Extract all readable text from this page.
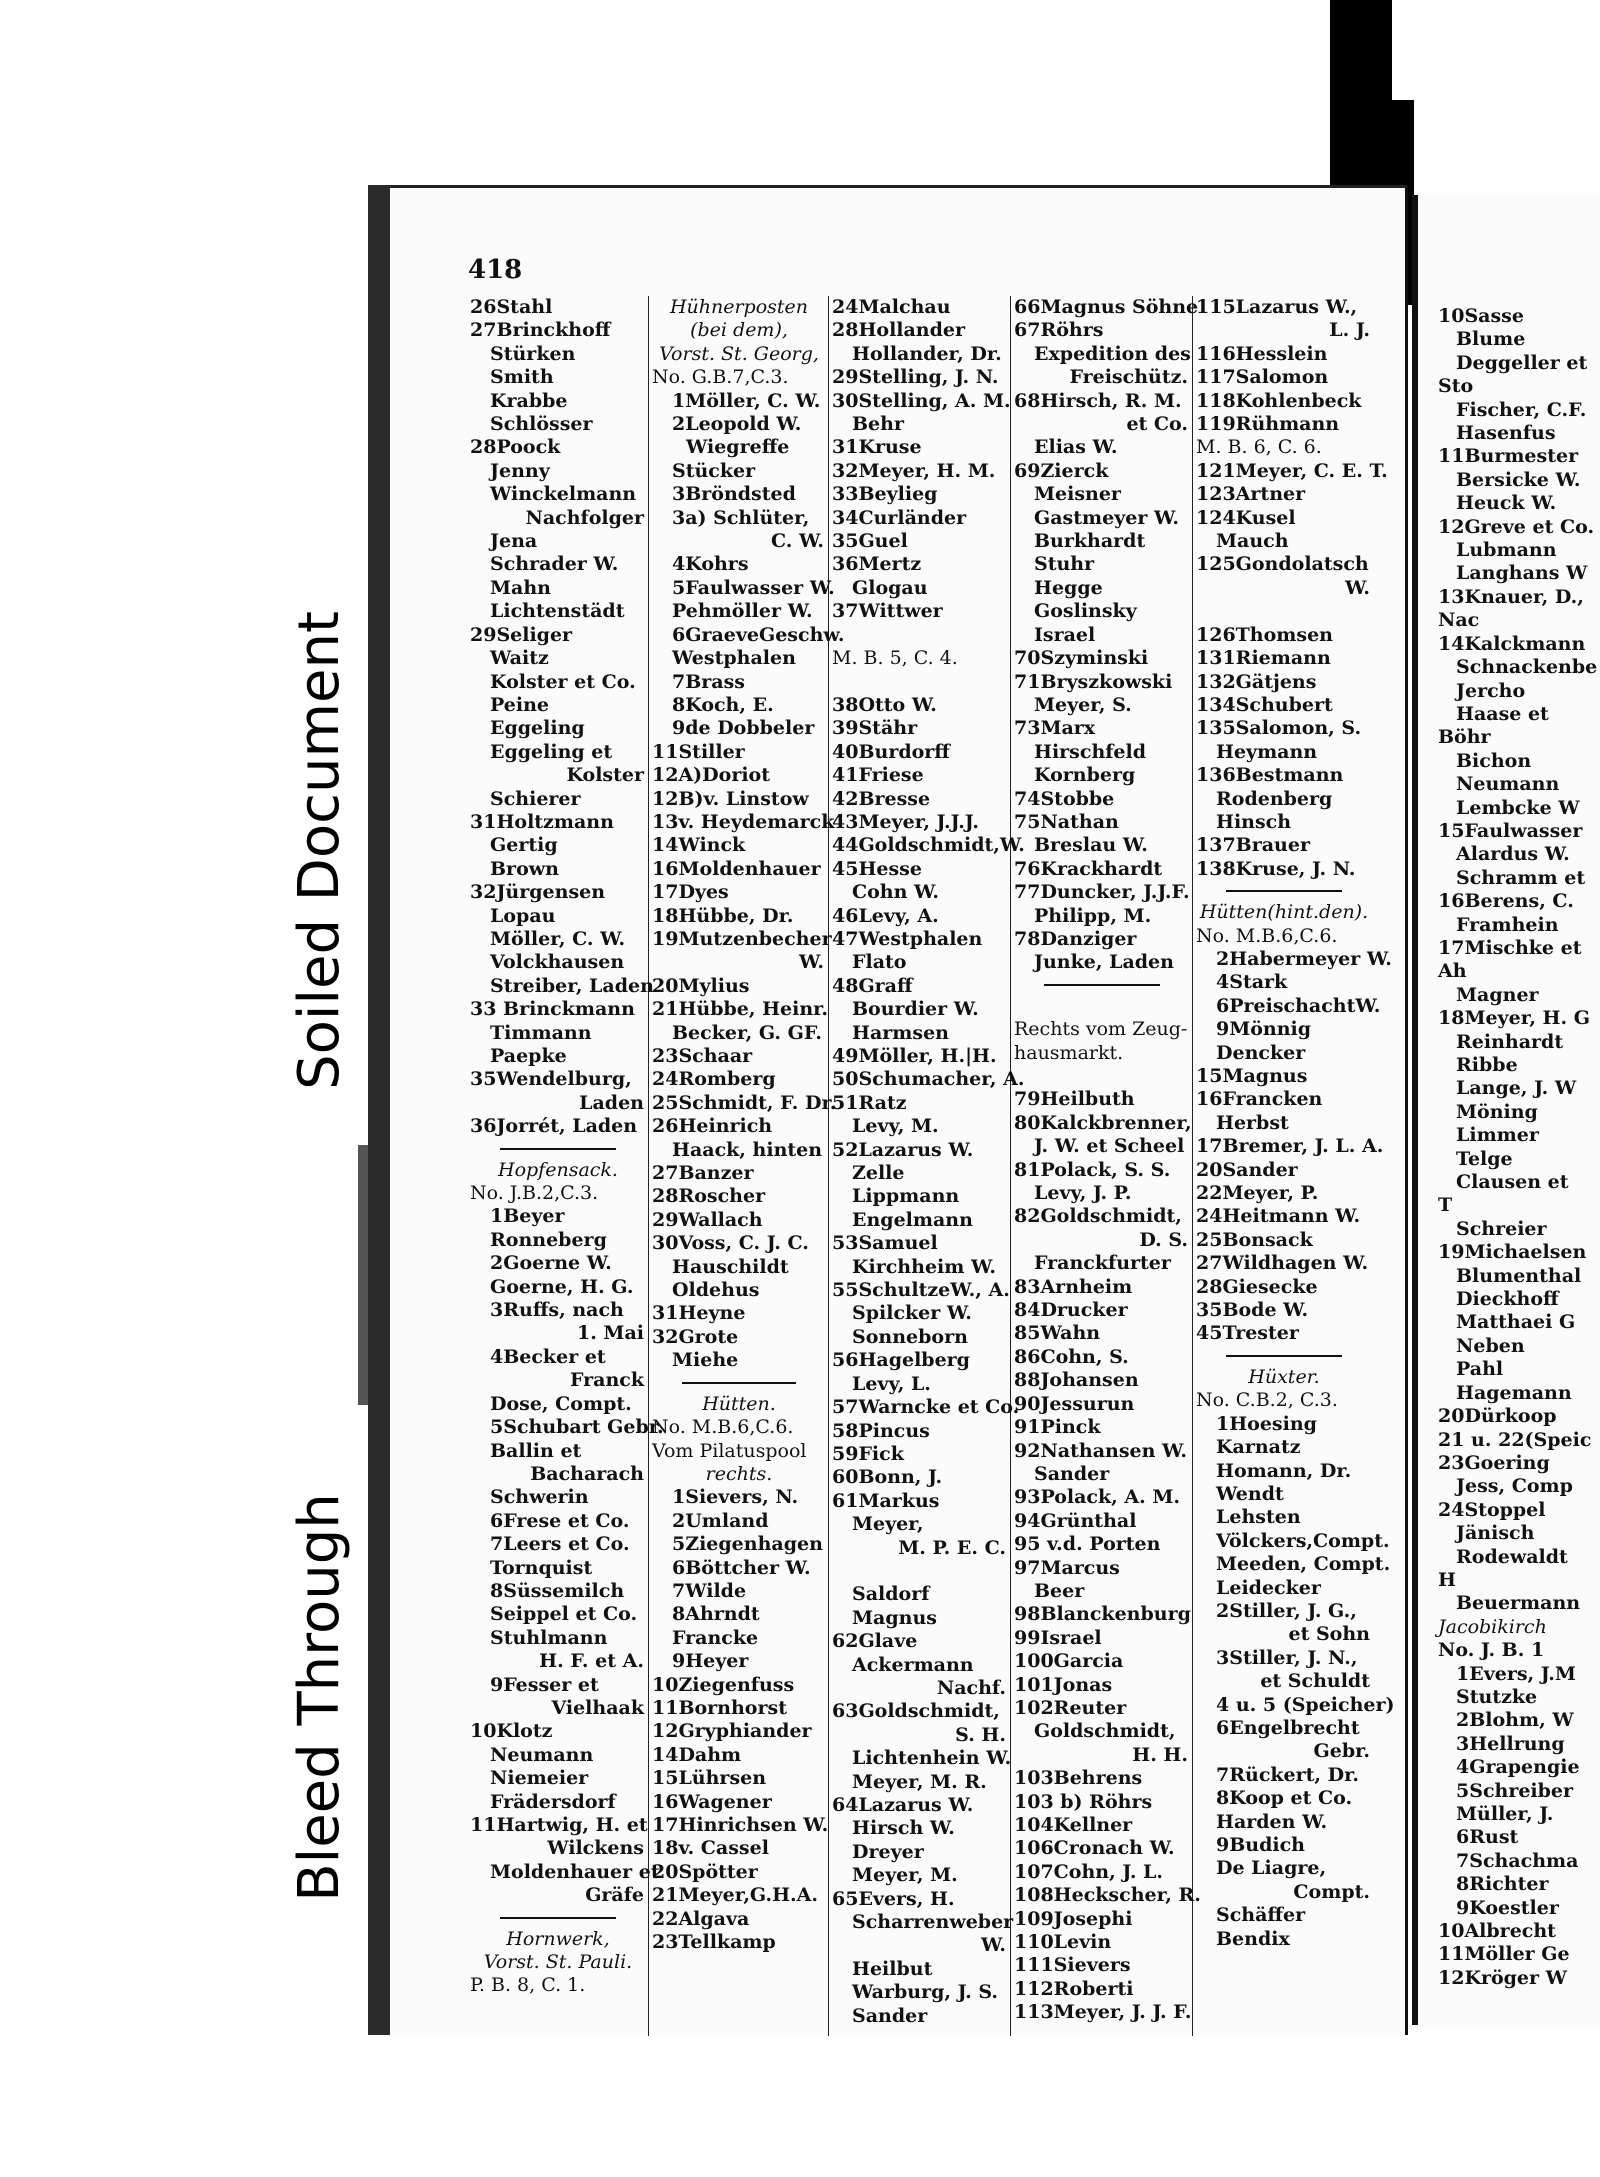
418
26Stahl
27Brinckhoff
Stürken
Smith
Krabbe
Schlösser
28Poock
Jenny
Winckelmann
Nachfolger
Jena
Schrader W.
Mahn
Lichtenstädt
29Seliger
Waitz
Kolster et Co.
Peine
Eggeling
Eggeling et
Kolster
Schierer
31Holtzmann
Gertig
Brown
32Jürgensen
Lopau
Möller, C. W.
Volckhausen
Streiber, Laden
33 Brinckmann
Timmann
Paepke
35Wendelburg,
Laden
36Jorrét, Laden
Hopfensack.
No. J.B.2,C.3.
1Beyer
Ronneberg
2Goerne W.
Goerne, H. G.
3Ruffs, nach
1. Mai
4Becker et
Franck
Dose, Compt.
5Schubart Gebr.
Ballin et
Bacharach
Schwerin
6Frese et Co.
7Leers et Co.
Tornquist
8Süssemilch
Seippel et Co.
Stuhlmann
H. F. et A.
9Fesser et
Vielhaak
10Klotz
Neumann
Niemeier
Frädersdorf
11Hartwig, H. et
Wilckens
Moldenhauer et
Gräfe
Hornwerk,
Vorst. St. Pauli.
P. B. 8, C. 1.
Hühnerposten
(bei dem),
Vorst. St. Georg,
No. G.B.7,C.3.
1Möller, C. W.
2Leopold W.
Wiegreffe
Stücker
3Bröndsted
3a) Schlüter,
C. W.
4Kohrs
5Faulwasser W.
Pehmöller W.
6GraeveGeschw.
Westphalen
7Brass
8Koch, E.
9de Dobbeler
11Stiller
12A)Doriot
12B)v. Linstow
13v. Heydemarck
14Winck
16Moldenhauer
17Dyes
18Hübbe, Dr.
19Mutzenbecher
W.
20Mylius
21Hübbe, Heinr.
Becker, G. GF.
23Schaar
24Romberg
25Schmidt, F. Dr.
26Heinrich
Haack, hinten
27Banzer
28Roscher
29Wallach
30Voss, C. J. C.
Hauschildt
Oldehus
31Heyne
32Grote
Miehe
Hütten.
No. M.B.6,C.6.
Vom Pilatuspool
rechts.
1Sievers, N.
2Umland
5Ziegenhagen
6Böttcher W.
7Wilde
8Ahrndt
Francke
9Heyer
10Ziegenfuss
11Bornhorst
12Gryphiander
14Dahm
15Lührsen
16Wagener
17Hinrichsen W.
18v. Cassel
20Spötter
21Meyer,G.H.A.
22Algava
23Tellkamp
24Malchau
28Hollander
Hollander, Dr.
29Stelling, J. N.
30Stelling, A. M.
Behr
31Kruse
32Meyer, H. M.
33Beylieg
34Curländer
35Guel
36Mertz
Glogau
37Wittwer

M. B. 5, C. 4.

38Otto W.
39Stähr
40Burdorff
41Friese
42Bresse
43Meyer, J.J.J.
44Goldschmidt,W.
45Hesse
Cohn W.
46Levy, A.
47Westphalen
Flato
48Graff
Bourdier W.
Harmsen
49Möller, H.|H.
50Schumacher, A.
51Ratz
Levy, M.
52Lazarus W.
Zelle
Lippmann
Engelmann
53Samuel
Kirchheim W.
55SchultzeW., A.
Spilcker W.
Sonneborn
56Hagelberg
Levy, L.
57Warncke et Co.
58Pincus
59Fick
60Bonn, J.
61Markus
Meyer,
M. P. E. C.

Saldorf
Magnus
62Glave
Ackermann
Nachf.
63Goldschmidt,
S. H.
Lichtenhein W.
Meyer, M. R.
64Lazarus W.
Hirsch W.
Dreyer
Meyer, M.
65Evers, H.
Scharrenweber
W.
Heilbut
Warburg, J. S.
Sander
66Magnus Söhne
67Röhrs
Expedition des
Freischütz.
68Hirsch, R. M.
et Co.
Elias W.
69Zierck
Meisner
Gastmeyer W.
Burkhardt
Stuhr
Hegge
Goslinsky
Israel
70Szyminski
71Bryszkowski
Meyer, S.
73Marx
Hirschfeld
Kornberg
74Stobbe
75Nathan
Breslau W.
76Krackhardt
77Duncker, J.J.F.
Philipp, M.
78Danziger
Junke, Laden

Rechts vom Zeug-
hausmarkt.

79Heilbuth
80Kalckbrenner,
J. W. et Scheel
81Polack, S. S.
Levy, J. P.
82Goldschmidt,
D. S.
Franckfurter
83Arnheim
84Drucker
85Wahn
86Cohn, S.
88Johansen
90Jessurun
91Pinck
92Nathansen W.
Sander
93Polack, A. M.
94Grünthal
95 v.d. Porten
97Marcus
Beer
98Blanckenburg
99Israel
100Garcia
101Jonas
102Reuter
Goldschmidt,
H. H.
103Behrens
103 b) Röhrs
104Kellner
106Cronach W.
107Cohn, J. L.
108Heckscher, R.
109Josephi
110Levin
111Sievers
112Roberti
113Meyer, J. J. F.
115Lazarus W.,
L. J.
116Hesslein
117Salomon
118Kohlenbeck
119Rühmann
M. B. 6, C. 6.
121Meyer, C. E. T.
123Artner
124Kusel
Mauch
125Gondolatsch
W.

126Thomsen
131Riemann
132Gätjens
134Schubert
135Salomon, S.
Heymann
136Bestmann
Rodenberg
Hinsch
137Brauer
138Kruse, J. N.
Hütten(hint.den).
No. M.B.6,C.6.
2Habermeyer W.
4Stark
6PreischachtW.
9Mönnig
Dencker
15Magnus
16Francken
Herbst
17Bremer, J. L. A.
20Sander
22Meyer, P.
24Heitmann W.
25Bonsack
27Wildhagen W.
28Giesecke
35Bode W.
45Trester
Hüxter.
No. C.B.2, C.3.
1Hoesing
Karnatz
Homann, Dr.
Wendt
Lehsten
Völckers,Compt.
Meeden, Compt.
Leidecker
2Stiller, J. G.,
et Sohn
3Stiller, J. N.,
et Schuldt
4 u. 5 (Speicher)
6Engelbrecht
Gebr.
7Rückert, Dr.
8Koop et Co.
Harden W.
9Budich
De Liagre,
Compt.
Schäffer
Bendix
10Sasse
Blume
Deggeller et
Sto
Fischer, C.F.
Hasenfus
11Burmester
Bersicke W.
Heuck W.
12Greve et Co.
Lubmann
Langhans W
13Knauer, D.,
Nac
14Kalckmann
Schnackenbe
Jercho
Haase et
Böhr
Bichon
Neumann
Lembcke W
15Faulwasser
Alardus W.
Schramm et
16Berens, C.
Framhein
17Mischke et
Ah
Magner
18Meyer, H. G
Reinhardt
Ribbe
Lange, J. W
Möning
Limmer
Telge
Clausen et
T
Schreier
19Michaelsen
Blumenthal
Dieckhoff
Matthaei G
Neben
Pahl
Hagemann
20Dürkoop
21 u. 22(Speic
23Goering
Jess, Comp
24Stoppel
Jänisch
Rodewaldt
H
Beuermann
Jacobikirch
No. J. B. 1
1Evers, J.M
Stutzke
2Blohm, W
3Hellrung
4Grapengie
5Schreiber
Müller, J.
6Rust
7Schachma
8Richter
9Koestler
10Albrecht
11Möller Ge
12Kröger W
Soiled Document
Bleed Through
